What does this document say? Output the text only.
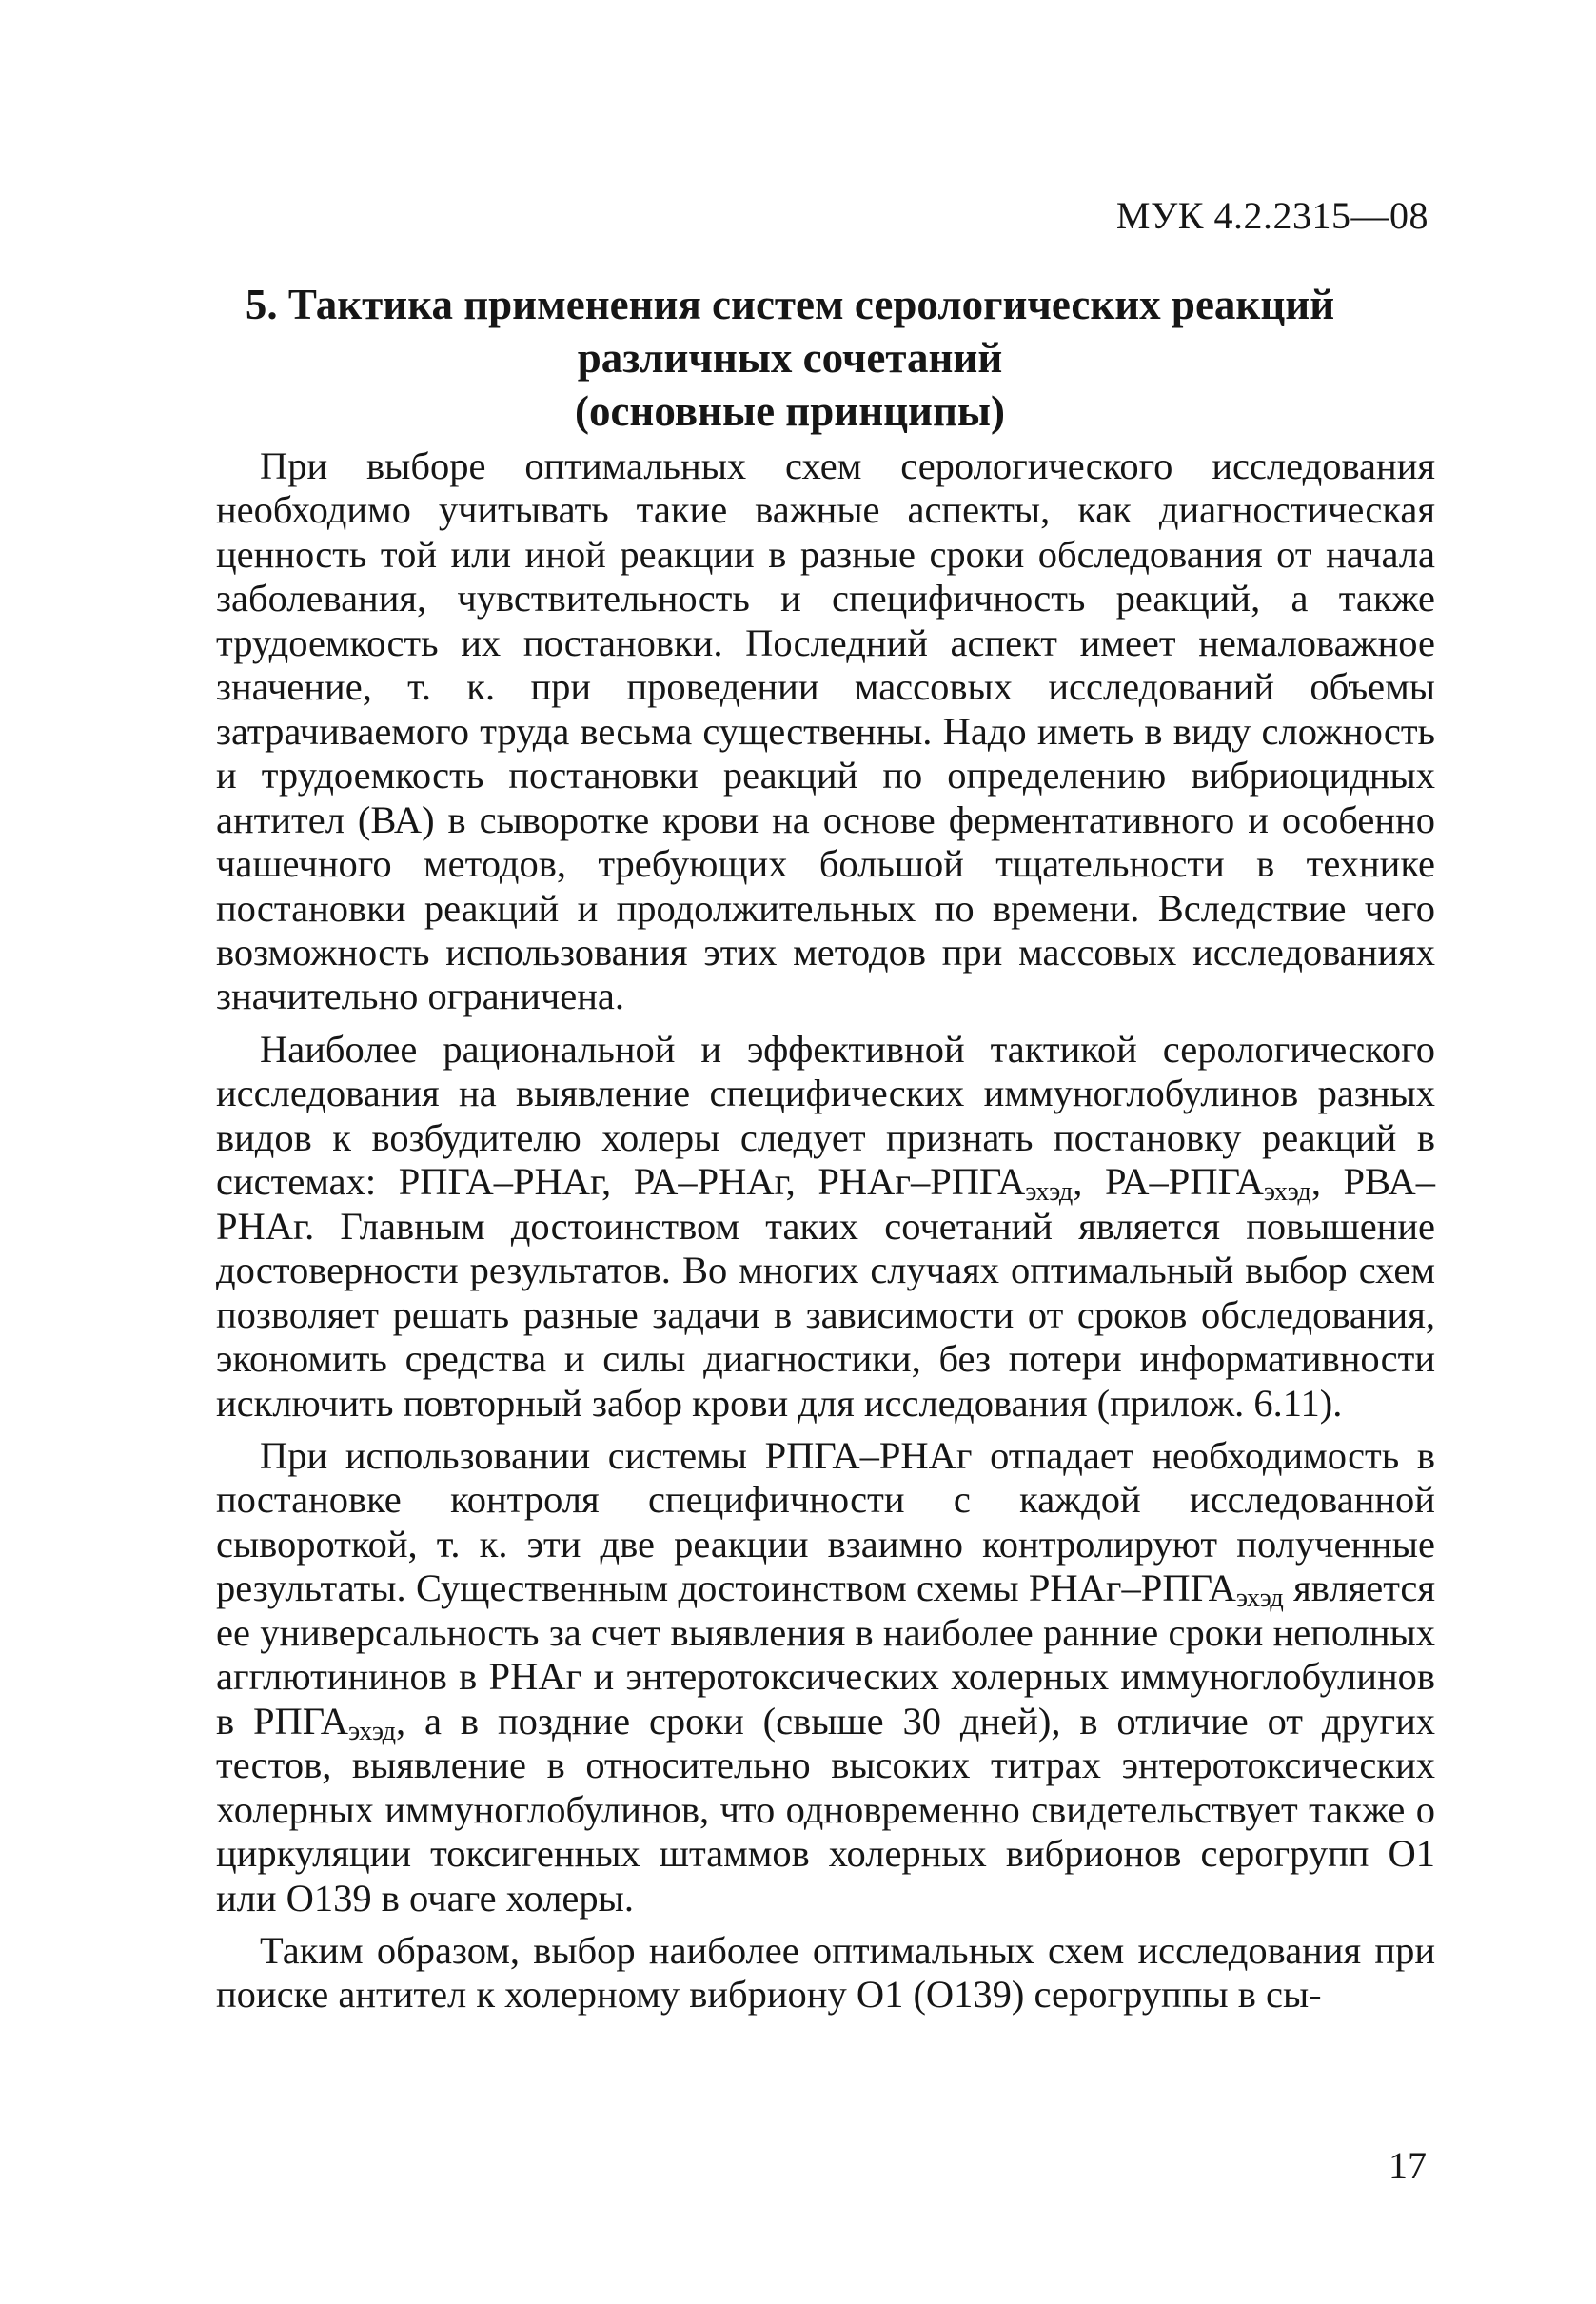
МУК 4.2.2315—08
5. Тактика применения систем серологических реакций
различных сочетаний
(основные принципы)

При выборе оптимальных схем серологического исследования необходимо учитывать такие важные аспекты, как диагностическая ценность той или иной реакции в разные сроки обследования от начала заболевания, чувствительность и специфичность реакций, а также трудоемкость их постановки. Последний аспект имеет немаловажное значение, т. к. при проведении массовых исследований объемы затрачиваемого труда весьма существенны. Надо иметь в виду сложность и трудоемкость постановки реакций по определению вибриоцидных антител (ВА) в сыворотке крови на основе ферментативного и особенно чашечного методов, требующих большой тщательности в технике постановки реакций и продолжительных по времени. Вследствие чего возможность использования этих методов при массовых исследованиях значительно ограничена.

Наиболее рациональной и эффективной тактикой серологического исследования на выявление специфических иммуноглобулинов разных видов к возбудителю холеры следует признать постановку реакций в системах: РПГА–РНАг, РА–РНАг, РНАг–$РПГА_{эхэд}$, $РА-РПГА_{эхэд}$, РВА–РНАг. Главным достоинством таких сочетаний является повышение достоверности результатов. Во многих случаях оптимальный выбор схем позволяет решать разные задачи в зависимости от сроков обследования, экономить средства и силы диагностики, без потери информативности исключить повторный забор крови для исследования (прилож. 6.11).

При использовании системы РПГА–РНАг отпадает необходимость в постановке контроля специфичности с каждой исследованной сывороткой, т. к. эти две реакции взаимно контролируют полученные результаты. Существенным достоинством схемы РНАг–$РПГА_{эхэд}$ является ее универсальность за счет выявления в наиболее ранние сроки неполных агглютининов в РНАг и энтеротоксических холерных иммуноглобулинов в $РПГА_{эхэд}$, а в поздние сроки (свыше 30 дней), в отличие от других тестов, выявление в относительно высоких титрах энтеротоксических холерных иммуноглобулинов, что одновременно свидетельствует также о циркуляции токсигенных штаммов холерных вибрионов серогрупп О1 или О139 в очаге холеры.

Таким образом, выбор наиболее оптимальных схем исследования при поиске антител к холерному вибриону О1 (О139) серогруппы в сы-

17
